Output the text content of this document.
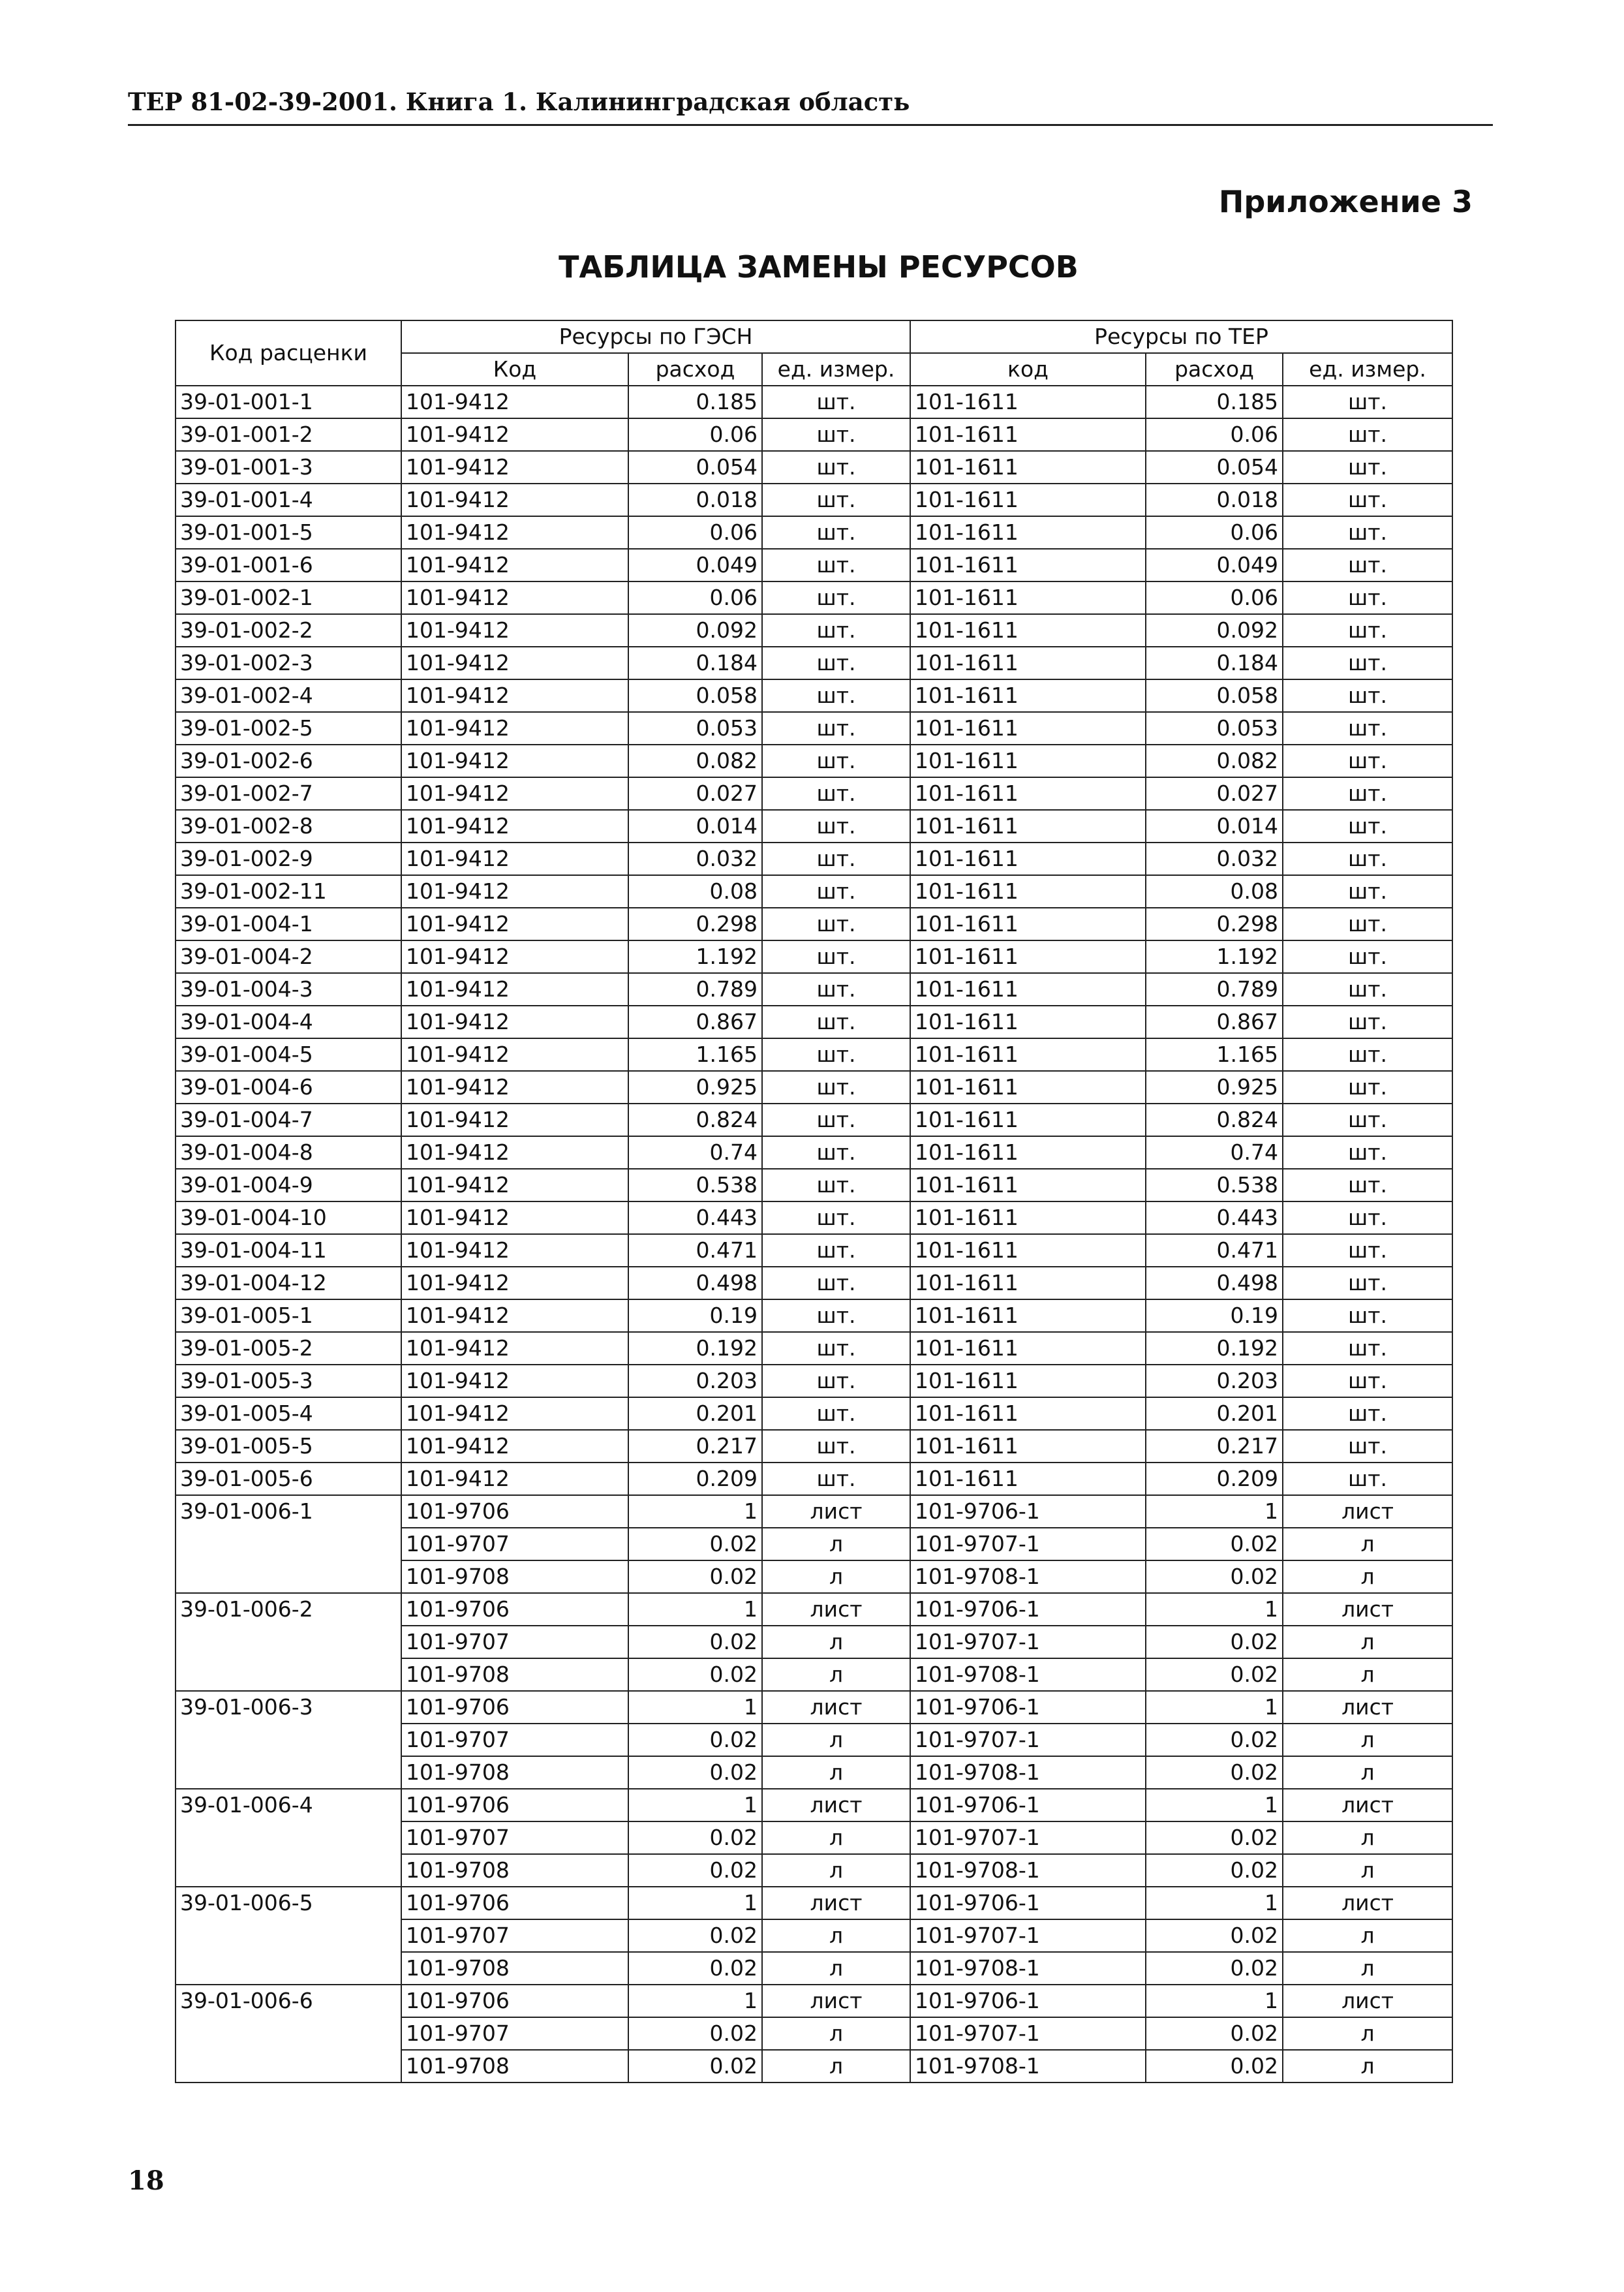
ТЕР 81-02-39-2001. Книга 1. Калининградская область
Приложение 3
ТАБЛИЦА ЗАМЕНЫ РЕСУРСОВ
Код расценки	Ресурсы по ГЭСН			Ресурсы по ТЕР		
	Код	расход	ед. измер.	код	расход	ед. измер.
39-01-001-1	101-9412	0.185	шт.	101-1611	0.185	шт.
39-01-001-2	101-9412	0.06	шт.	101-1611	0.06	шт.
39-01-001-3	101-9412	0.054	шт.	101-1611	0.054	шт.
39-01-001-4	101-9412	0.018	шт.	101-1611	0.018	шт.
39-01-001-5	101-9412	0.06	шт.	101-1611	0.06	шт.
39-01-001-6	101-9412	0.049	шт.	101-1611	0.049	шт.
39-01-002-1	101-9412	0.06	шт.	101-1611	0.06	шт.
39-01-002-2	101-9412	0.092	шт.	101-1611	0.092	шт.
39-01-002-3	101-9412	0.184	шт.	101-1611	0.184	шт.
39-01-002-4	101-9412	0.058	шт.	101-1611	0.058	шт.
39-01-002-5	101-9412	0.053	шт.	101-1611	0.053	шт.
39-01-002-6	101-9412	0.082	шт.	101-1611	0.082	шт.
39-01-002-7	101-9412	0.027	шт.	101-1611	0.027	шт.
39-01-002-8	101-9412	0.014	шт.	101-1611	0.014	шт.
39-01-002-9	101-9412	0.032	шт.	101-1611	0.032	шт.
39-01-002-11	101-9412	0.08	шт.	101-1611	0.08	шт.
39-01-004-1	101-9412	0.298	шт.	101-1611	0.298	шт.
39-01-004-2	101-9412	1.192	шт.	101-1611	1.192	шт.
39-01-004-3	101-9412	0.789	шт.	101-1611	0.789	шт.
39-01-004-4	101-9412	0.867	шт.	101-1611	0.867	шт.
39-01-004-5	101-9412	1.165	шт.	101-1611	1.165	шт.
39-01-004-6	101-9412	0.925	шт.	101-1611	0.925	шт.
39-01-004-7	101-9412	0.824	шт.	101-1611	0.824	шт.
39-01-004-8	101-9412	0.74	шт.	101-1611	0.74	шт.
39-01-004-9	101-9412	0.538	шт.	101-1611	0.538	шт.
39-01-004-10	101-9412	0.443	шт.	101-1611	0.443	шт.
39-01-004-11	101-9412	0.471	шт.	101-1611	0.471	шт.
39-01-004-12	101-9412	0.498	шт.	101-1611	0.498	шт.
39-01-005-1	101-9412	0.19	шт.	101-1611	0.19	шт.
39-01-005-2	101-9412	0.192	шт.	101-1611	0.192	шт.
39-01-005-3	101-9412	0.203	шт.	101-1611	0.203	шт.
39-01-005-4	101-9412	0.201	шт.	101-1611	0.201	шт.
39-01-005-5	101-9412	0.217	шт.	101-1611	0.217	шт.
39-01-005-6	101-9412	0.209	шт.	101-1611	0.209	шт.
39-01-006-1	101-9706	1	лист	101-9706-1	1	лист
	101-9707	0.02	л	101-9707-1	0.02	л
	101-9708	0.02	л	101-9708-1	0.02	л
39-01-006-2	101-9706	1	лист	101-9706-1	1	лист
	101-9707	0.02	л	101-9707-1	0.02	л
	101-9708	0.02	л	101-9708-1	0.02	л
39-01-006-3	101-9706	1	лист	101-9706-1	1	лист
	101-9707	0.02	л	101-9707-1	0.02	л
	101-9708	0.02	л	101-9708-1	0.02	л
39-01-006-4	101-9706	1	лист	101-9706-1	1	лист
	101-9707	0.02	л	101-9707-1	0.02	л
	101-9708	0.02	л	101-9708-1	0.02	л
39-01-006-5	101-9706	1	лист	101-9706-1	1	лист
	101-9707	0.02	л	101-9707-1	0.02	л
	101-9708	0.02	л	101-9708-1	0.02	л
39-01-006-6	101-9706	1	лист	101-9706-1	1	лист
	101-9707	0.02	л	101-9707-1	0.02	л
	101-9708	0.02	л	101-9708-1	0.02	л
18
